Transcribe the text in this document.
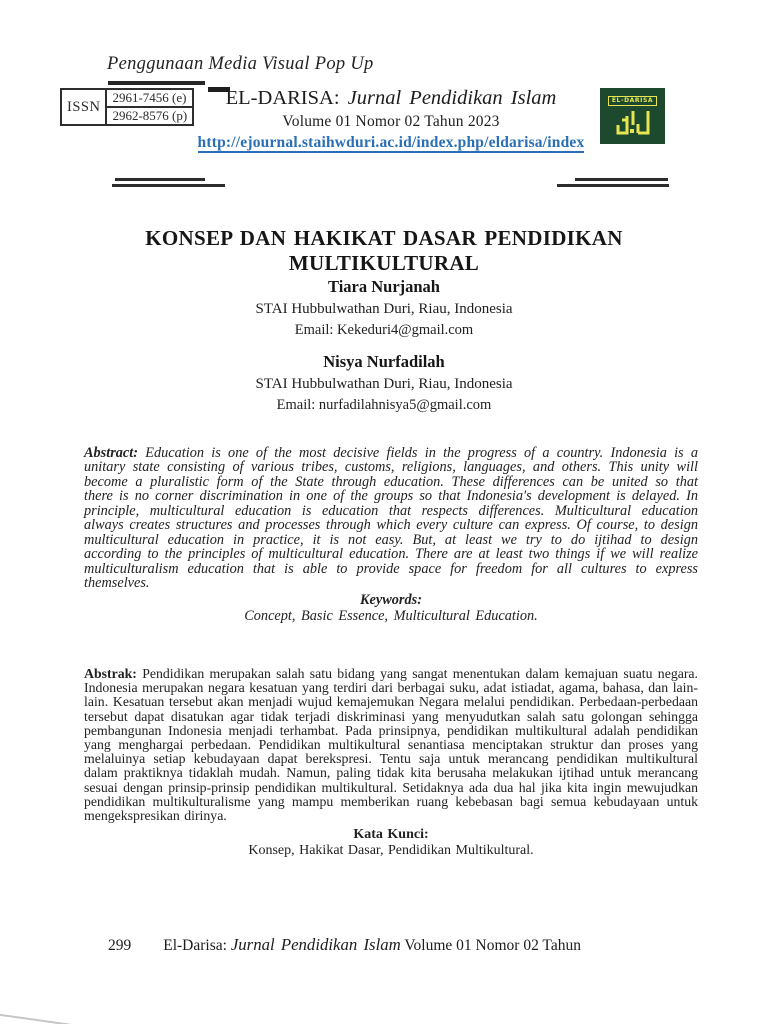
Penggunaan Media Visual Pop Up
ISSN	2961-7456 (e)
2962-8576 (p)
EL-DARISA: Jurnal Pendidikan Islam
Volume 01 Nomor 02 Tahun 2023
http://ejournal.staihwduri.ac.id/index.php/eldarisa/index
EL-DARISA
KONSEP DAN HAKIKAT DASAR PENDIDIKAN MULTIKULTURAL
Tiara Nurjanah
STAI Hubbulwathan Duri, Riau, Indonesia
Email: Kekeduri4@gmail.com
Nisya Nurfadilah
STAI Hubbulwathan Duri, Riau, Indonesia
Email: nurfadilahnisya5@gmail.com

Abstract: Education is one of the most decisive fields in the progress of a country. Indonesia is a unitary state consisting of various tribes, customs, religions, languages, and others. This unity will become a pluralistic form of the State through education. These differences can be united so that there is no corner discrimination in one of the groups so that Indonesia's development is delayed. In principle, multicultural education is education that respects differences. Multicultural education always creates structures and processes through which every culture can express. Of course, to design multicultural education in practice, it is not easy. But, at least we try to do ijtihad to design according to the principles of multicultural education. There are at least two things if we will realize multiculturalism education that is able to provide space for freedom for all cultures to express themselves.

Keywords:
Concept, Basic Essence, Multicultural Education.

Abstrak: Pendidikan merupakan salah satu bidang yang sangat menentukan dalam kemajuan suatu negara. Indonesia merupakan negara kesatuan yang terdiri dari berbagai suku, adat istiadat, agama, bahasa, dan lain-lain. Kesatuan tersebut akan menjadi wujud kemajemukan Negara melalui pendidikan. Perbedaan-perbedaan tersebut dapat disatukan agar tidak terjadi diskriminasi yang menyudutkan salah satu golongan sehingga pembangunan Indonesia menjadi terhambat. Pada prinsipnya, pendidikan multikultural adalah pendidikan yang menghargai perbedaan. Pendidikan multikultural senantiasa menciptakan struktur dan proses yang melaluinya setiap kebudayaan dapat berekspresi. Tentu saja untuk merancang pendidikan multikultural dalam praktiknya tidaklah mudah. Namun, paling tidak kita berusaha melakukan ijtihad untuk merancang sesuai dengan prinsip-prinsip pendidikan multikultural. Setidaknya ada dua hal jika kita ingin mewujudkan pendidikan multikulturalisme yang mampu memberikan ruang kebebasan bagi semua kebudayaan untuk mengekspresikan dirinya.

Kata Kunci:
Konsep, Hakikat Dasar, Pendidikan Multikultural.
299 El-Darisa: Jurnal Pendidikan Islam Volume 01 Nomor 02 Tahun
